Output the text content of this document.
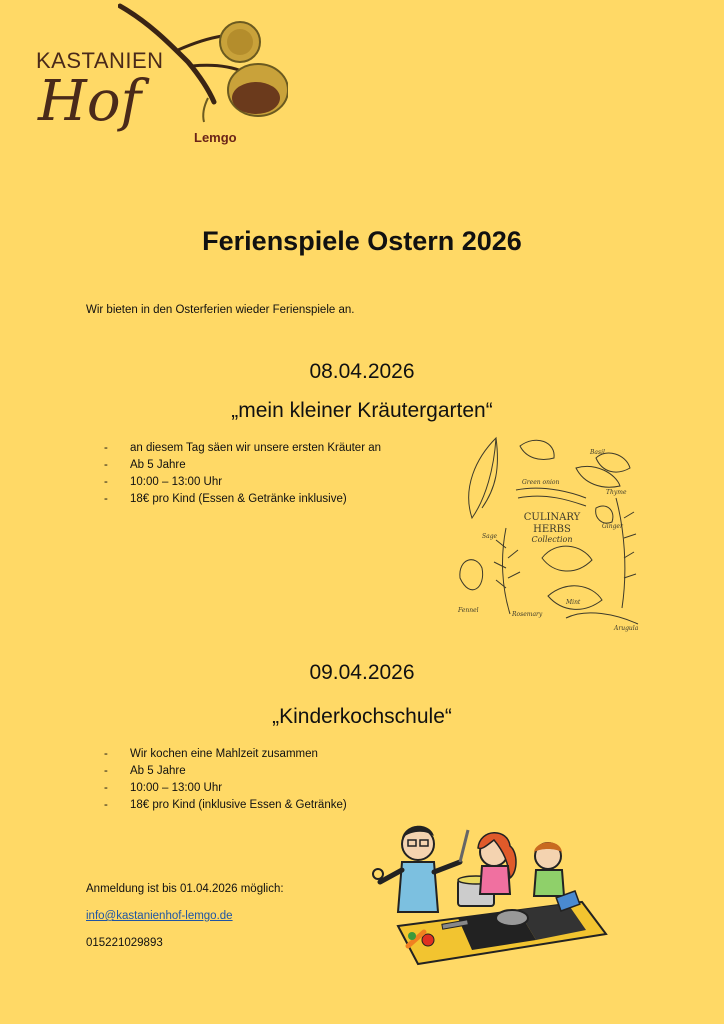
KASTANIEN
Hof
Lemgo
Ferienspiele Ostern 2026
Wir bieten in den Osterferien wieder Ferienspiele an.
08.04.2026
„mein kleiner Kräutergarten“
- an diesem Tag säen wir unsere ersten Kräuter an
- Ab 5 Jahre
- 10:00 – 13:00 Uhr
- 18€ pro Kind (Essen & Getränke inklusive)
CULINARY
HERBS
Collection
Basil
Green onion
Thyme
Sage
Rosemary
Mint
Fennel
Arugula
Ginger
09.04.2026
„Kinderkochschule“
- Wir kochen eine Mahlzeit zusammen
- Ab 5 Jahre
- 10:00 – 13:00 Uhr
- 18€ pro Kind (inklusive Essen & Getränke)
Anmeldung ist bis 01.04.2026 möglich:
info@kastanienhof-lemgo.de
015221029893
